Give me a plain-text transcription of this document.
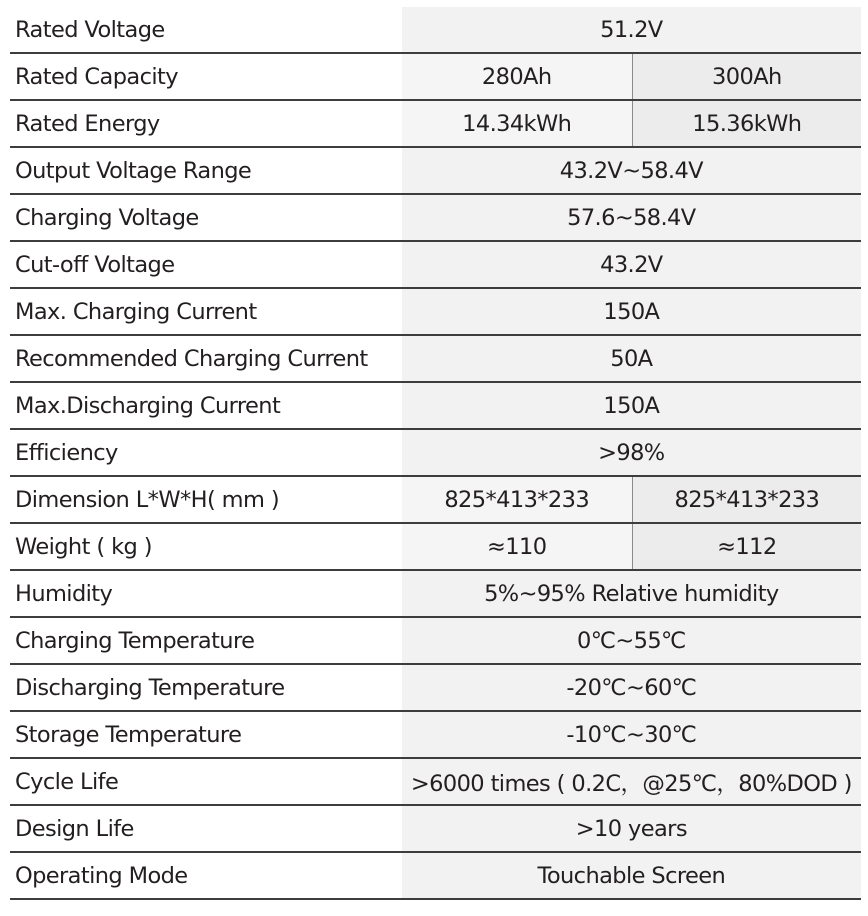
Rated Voltage	51.2V
Rated Capacity	280Ah	300Ah
Rated Energy	14.34kWh	15.36kWh
Output Voltage Range	43.2V~58.4V
Charging Voltage	57.6~58.4V
Cut-off Voltage	43.2V
Max. Charging Current	150A
Recommended Charging Current	50A
Max.Discharging Current	150A
Efficiency	>98%
Dimension L*W*H( mm )	825*413*233	825*413*233
Weight ( kg )	≈110	≈112
Humidity	5%~95% Relative humidity
Charging Temperature	0℃~55℃
Discharging Temperature	-20℃~60℃
Storage Temperature	-10℃~30℃
Cycle Life	>6000 times ( 0.2C，@25℃，80%DOD )
Design Life	>10 years
Operating Mode	Touchable Screen
